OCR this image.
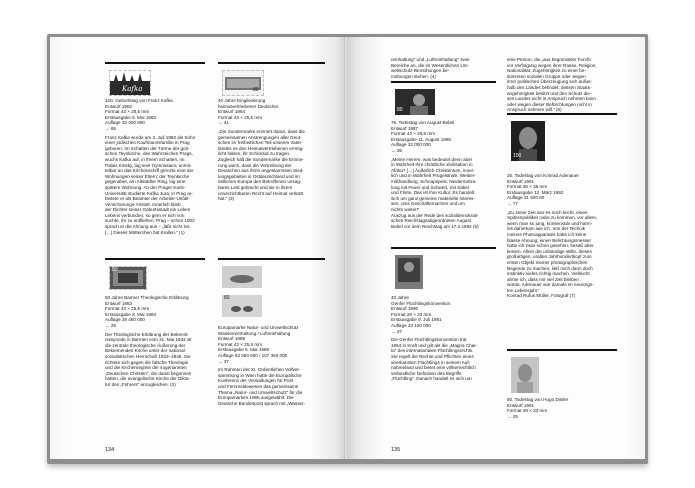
80
Kafka
100. Geburtstag von Franz Kafka
Entwurf 1982
Format 43 × 25,5 mm
Erstausgabe 5. Mai 1983
Auflage 32 400 000
→ 65
Franz Kafka wurde am 3. Juli 1883 als Sohn
einer jüdischen Kaufmannsfamilie in Prag
geboren. Im Schatten der Türme der goti-
schen Teynkirche, des Wahrzeichen Prags,
wuchs Kafka auf, in ihrem Schatten, im
Palais Kinsky, lag sein Gymnasium; unmit-
telbar an das Kirchenschiff grenzte eine der
Wohnungen seiner Eltern; der Teynkirche
gegenüber, am Altstädter Ring, lag eine
spätere Wohnung. An der Prager Karls-
Universität studierte Kafka Jura; in Prag ar-
beitete er als Beamter der Arbeiter-Unfall-
Versicherungs-Anstalt. Innerlich blieb
der Dichter seiner Geburtsstadt ein Leben
Lebens verbunden, so gern er sich von
suchte, ihr zu entfliehen. Prag – schon 1902
sprach er die Ahnung aus – „läßt nicht los
[…] Dieses Mütterchen hat Krallen.“ (1)
80
50 Jahre Barmer Theologische Erklärung
Entwurf 1983
Format 43 × 25,5 mm
Erstausgabe 8. Mai 1984
Auflage 29 450 000
→ 29
Die Theologische Erklärung der Bekennt-
nissynode in Barmen vom 31. Mai 1934 ist
die zentrale theologische Äußerung der
Bekennenden Kirche unter der national-
sozialistischen Herrschaft 1933–1945. Sie
richtete sich gegen die falsche Theologie
und die Kirchenregime der sogenannten
„Deutschen Christen“, die damit begonnen
hatten, die evangelische Kirche der Dikta-
tur des „Führers“ anzugleichen. (2)
80
40 Jahre Eingliederung
heimatvertriebener Deutscher
Entwurf 1984
Format 43 × 25,5 mm
→ 41
„Die Sondermarke erinnert daran, dass die
gemeinsamen Anstrengungen aller Deut-
schen im freiheitlichen Teil unseres Vater-
landes es den Heimatvertriebenen ermög-
licht haben, ihr Schicksal zu tragen.
Zugleich hält die Sondermarke die Erinne-
rung wach, dass die Vertreibung der
Deutschen aus ihren angestammten Sied-
lungsgebieten in Ostdeutschland und im
östlichen Europa den Betroffenen unsag-
bares Leid gebracht und sie in ihrem
unverzichtbaren Recht auf Heimat verletzt
hat.“ (3)
80
Europamarke Natur- und Umweltschutz
Wasserreinhaltung / Luftreinhaltung
Entwurf 1985
Format 43 × 25,5 mm
Erstausgabe 5. Mai 1986
Auflage 63 550 000 / 107 350 000
→ 37
Im Rahmen der XI. Ordentlichen Vollver-
sammlung in Wien hatte die Europäische
Konferenz der Verwaltungen für Post
und Fernmeldewesen das gemeinsame
Thema „Natur- und Umweltschutz“ für die
Europamarken 1986 ausgewählt. Die
Deutsche Bundespost sprach mit „Wasser-
134
reinhaltung“ und „Luftreinhaltung“ zwei
Bereiche an, die im Wesentlichen Um-
weltschutz-Bemühungen be-
mühungen stehen. (4)
80
75. Todestag von August Bebel
Entwurf 1987
Format 43 × 25,5 mm
Erstausgabe 11. August 1988
Auflage 32 000 000
→ 35
„Meine Herren, was bedeutet denn aber
in Wahrheit Ihre christliche Zivilisation in
Afrika? […] Äußerlich Christentum, inner-
lich und in Wahrheit Prügelstrafe, Weiber-
mißhandlung, Schnapspest, Niedermetze-
lung mit Feuer und Schwert, mit Säbel
und Flinte. Das ist Ihre Kultur. Es handelt
sich um ganz gemeine materielle Interes-
sen, ums Geschäftemachen und um
nichts weiter!“
Auszug aus der Rede des sozialdemokrati-
schen Reichstagsabgeordneten August
Bebel vor dem Reichstag am 17.2.1894 (5)
40 Jahre
Genfer Flüchtlingskonvention
Entwurf 1990
Format 28 × 33 mm
Erstausgabe 9. Juli 1991
Auflage 33 100 000
→ 37
Die Genfer Flüchtlingskonvention trat
1954 in Kraft und gilt als die „Magna Char-
ta“ des internationalen Flüchtlingsrechts.
Sie regelt die Rechte und Pflichten eines
anerkannten Flüchtlings in seinem Auf-
nahmeland und bietet eine völkerrechtlich
verbindliche Definition des Begriffs
„Flüchtling“. Danach handelt es sich um
eine Person, die „aus begründeter Furcht
vor Verfolgung wegen ihrer Rasse, Religion,
Nationalität, Zugehörigkeit zu einer be-
stimmten sozialen Gruppe oder wegen
ihrer politischen Überzeugung sich außer-
halb des Landes befindet, dessen Staats-
angehörigkeit besitzt und den Schutz die-
ses Landes nicht in Anspruch nehmen kann
oder wegen dieser Befürchtungen nicht in
Anspruch nehmen will.“ (6)
100
25. Todestag von Konrad Adenauer
Entwurf 1991
Format 35 × 35 mm
Erstausgabe 12. März 1992
Auflage 31 920 00
→ 77
„Zu Jener Zeit war es noch leicht, einen
Spitzenpolitiker nahe zu kommen, vor allem,
wenn man so jung, konservativ und harm-
los daherkam wie ich. Von der Technik
meines Photoapparates hatte ich keine
blasse Ahnung; einen Belichtungsmesser
hatte ich zwar schon gesehen, besaß aber
keinen. Allein der unbändige Wille, diesen
großartigen, uralten Jahrhundertkopf zum
ersten Objekt meiner photographischen
Begierde zu machen, ließ mich dann doch
instinktiv vieles richtig machen. Vielleicht
ahnte ich, dass mir viel Zeit bleiben
würde. Adenauer war damals im neunzigs-
ten Lebensjahr.“
Konrad Rufus Müller, Fotograf (7)
50. Todestag von Hugo Distler
Entwurf 1991
Format 28 × 33 mm
→ 25
135
